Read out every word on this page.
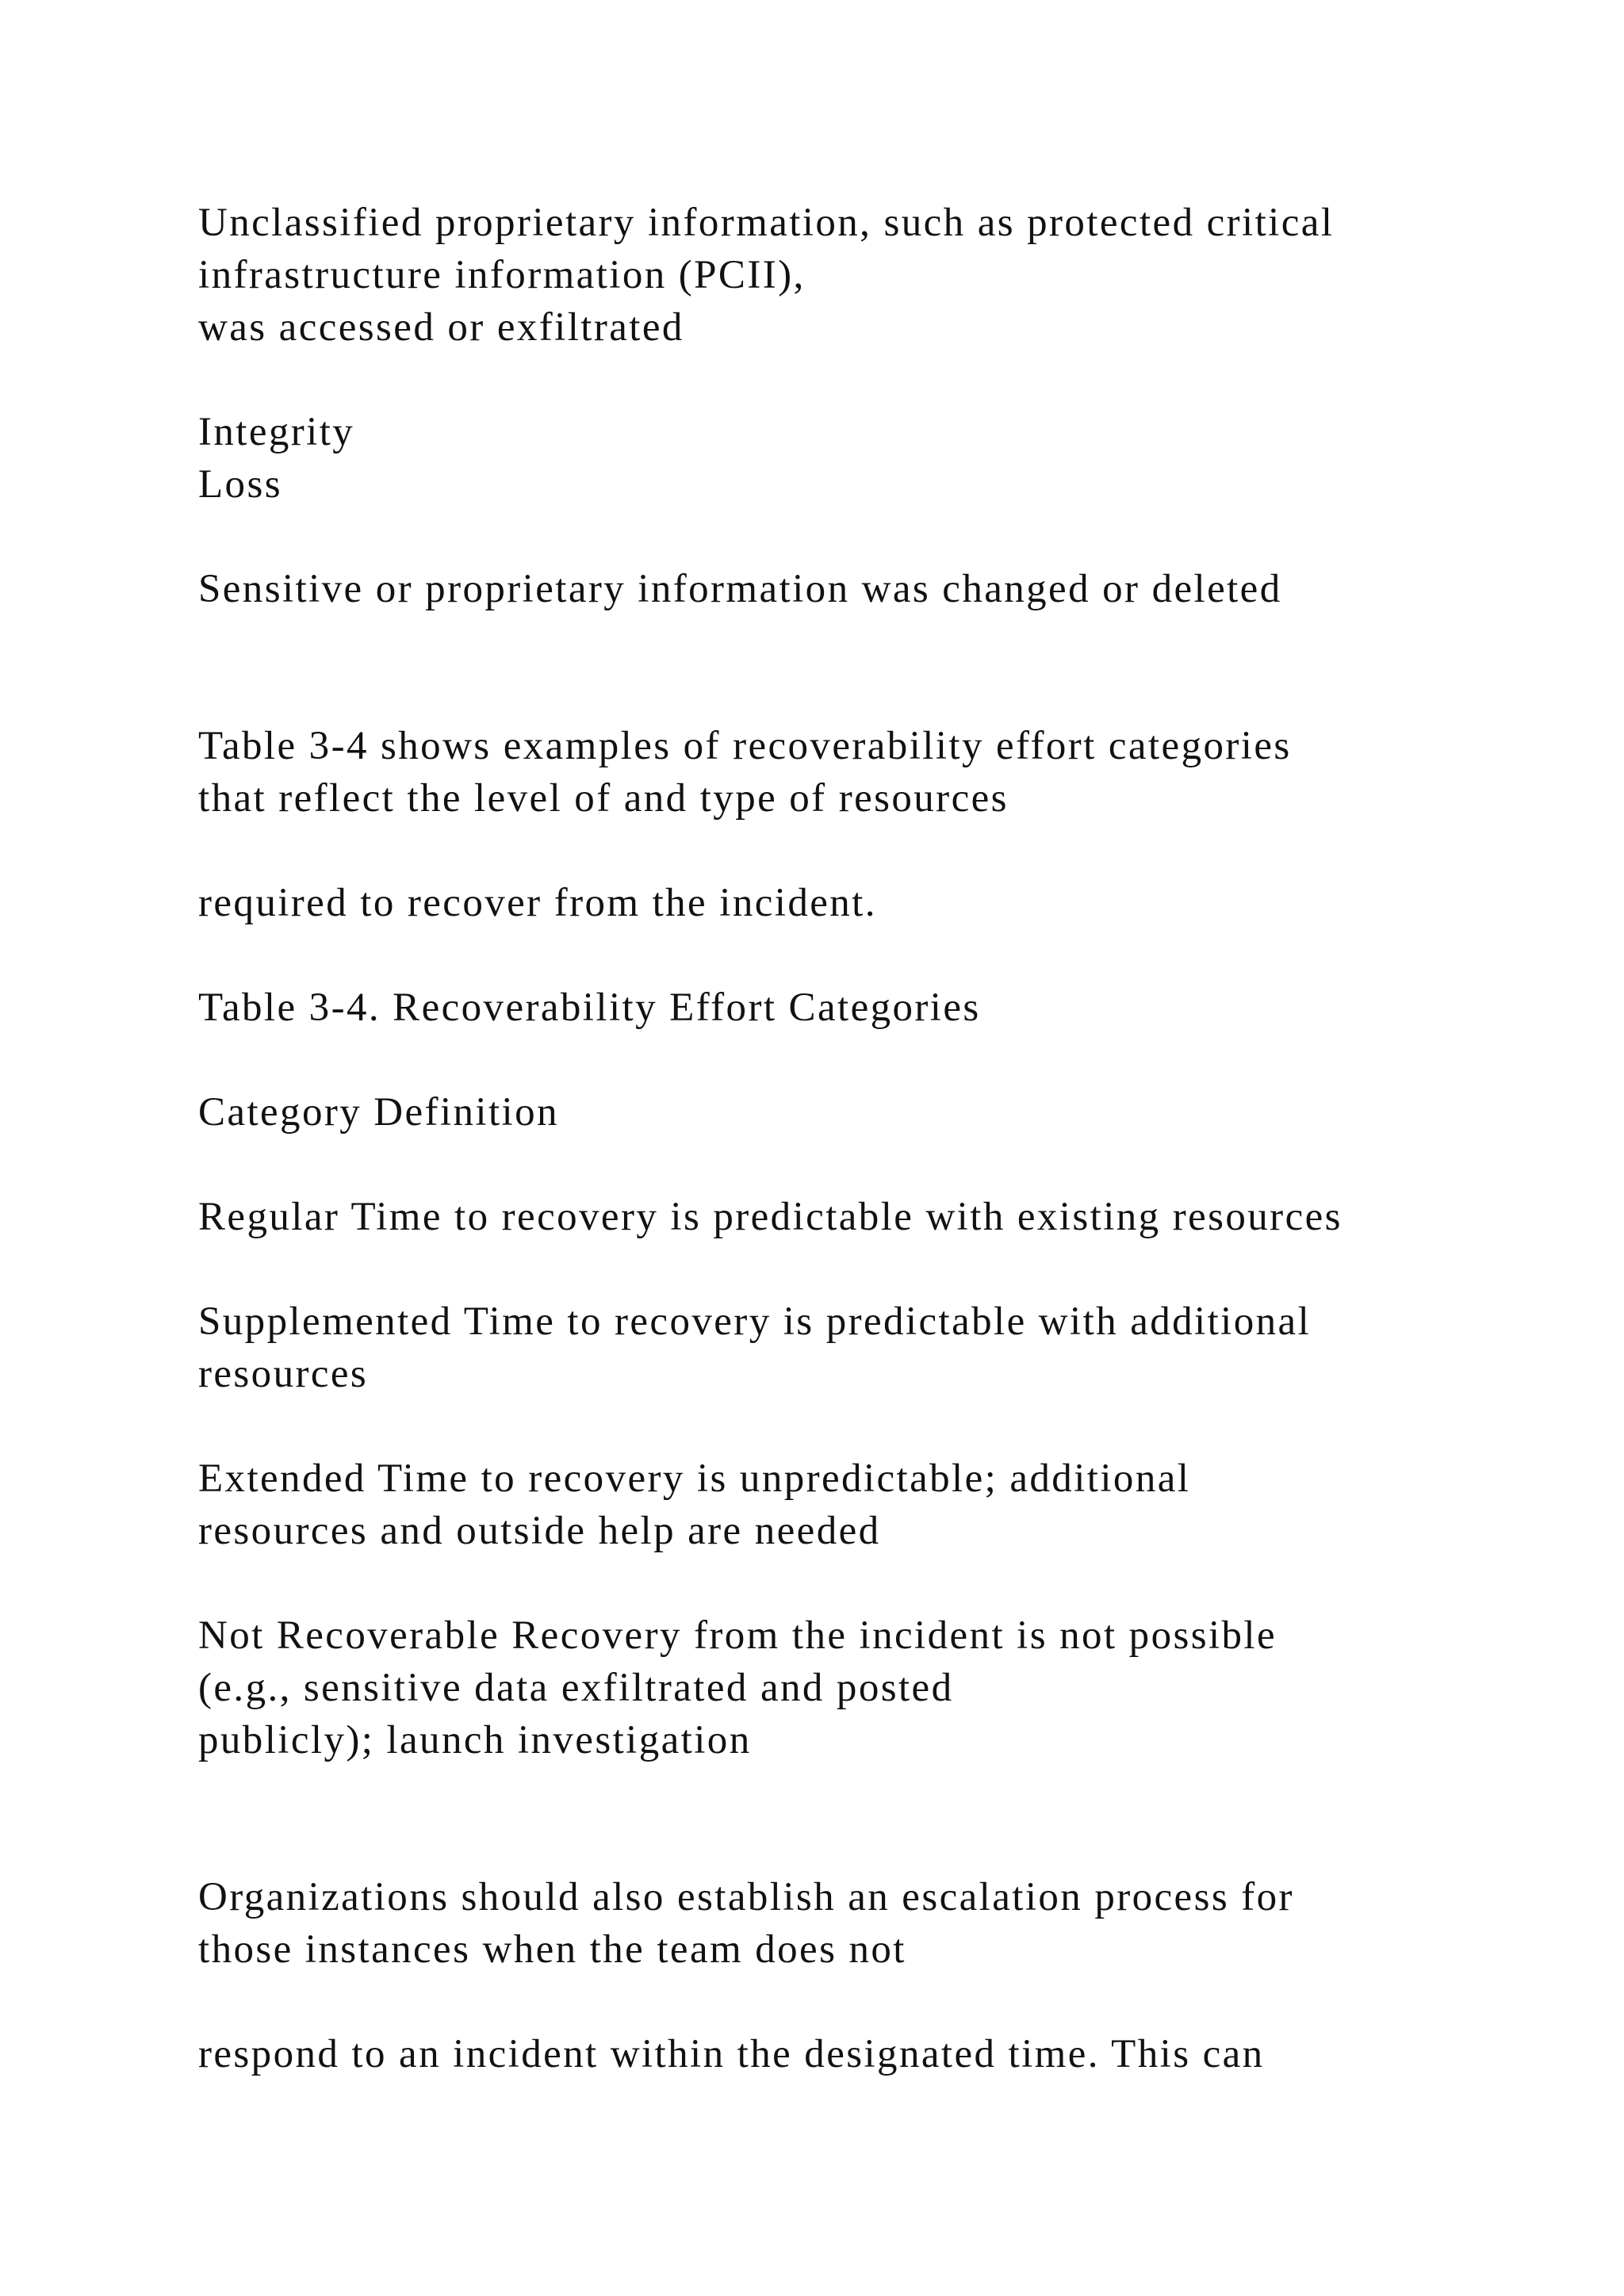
Unclassified proprietary information, such as protected critical
infrastructure information (PCII),
was accessed or exfiltrated
Integrity
Loss
Sensitive or proprietary information was changed or deleted
Table 3-4 shows examples of recoverability effort categories
that reflect the level of and type of resources
required to recover from the incident.
Table 3-4. Recoverability Effort Categories
Category Definition
Regular Time to recovery is predictable with existing resources
Supplemented Time to recovery is predictable with additional
resources
Extended Time to recovery is unpredictable; additional
resources and outside help are needed
Not Recoverable Recovery from the incident is not possible
(e.g., sensitive data exfiltrated and posted
publicly); launch investigation
Organizations should also establish an escalation process for
those instances when the team does not
respond to an incident within the designated time. This can
